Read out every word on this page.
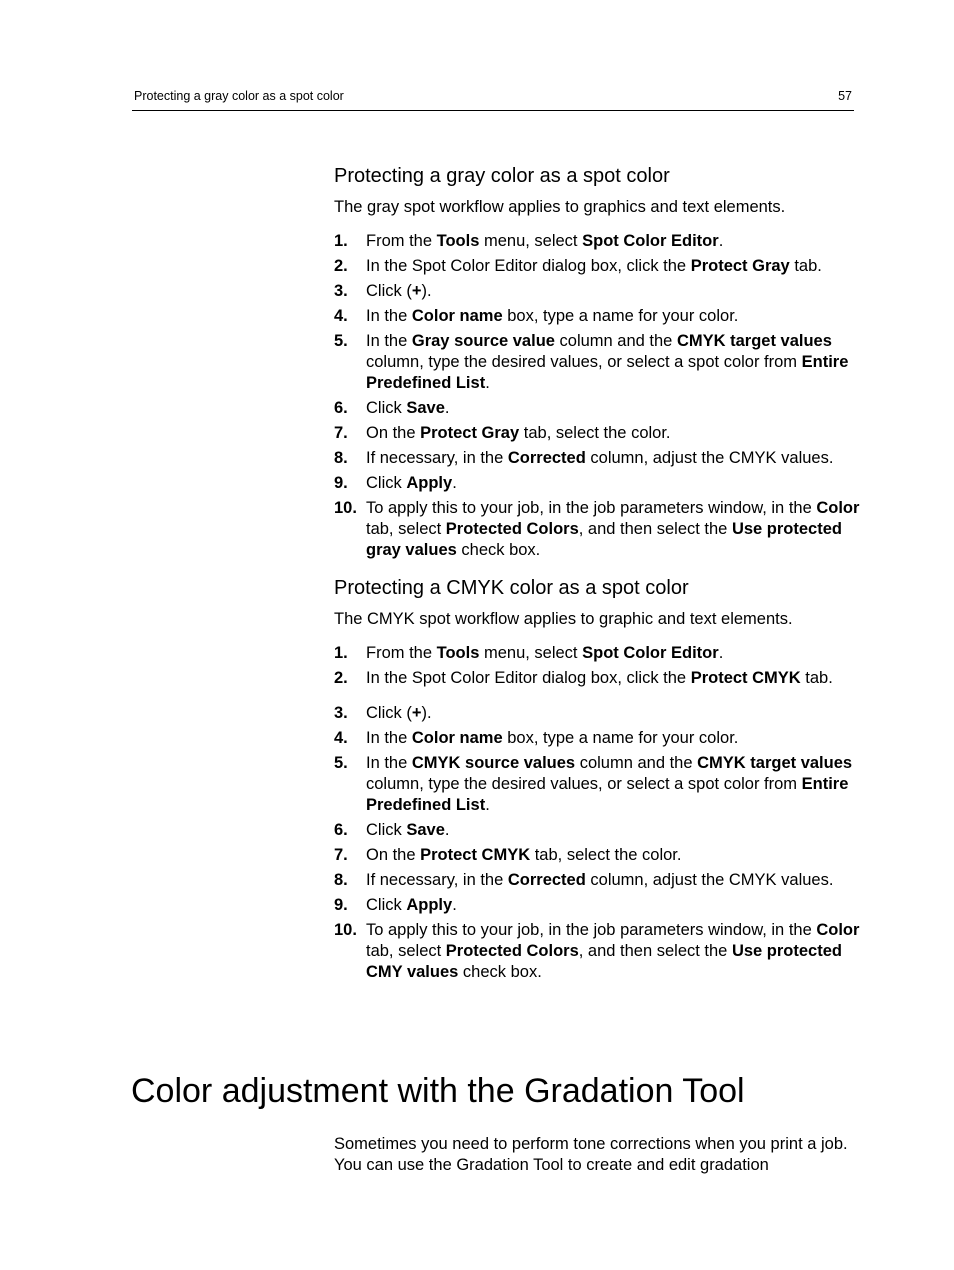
Protecting a gray color as a spot color	57
Protecting a gray color as a spot color

The gray spot workflow applies to graphics and text elements.

1. From the Tools menu, select Spot Color Editor.
2. In the Spot Color Editor dialog box, click the Protect Gray tab.
3. Click (+).
4. In the Color name box, type a name for your color.
5. In the Gray source value column and the CMYK target values column, type the desired values, or select a spot color from Entire Predefined List.
6. Click Save.
7. On the Protect Gray tab, select the color.
8. If necessary, in the Corrected column, adjust the CMYK values.
9. Click Apply.
10. To apply this to your job, in the job parameters window, in the Color tab, select Protected Colors, and then select the Use protected gray values check box.
Protecting a CMYK color as a spot color

The CMYK spot workflow applies to graphic and text elements.

1. From the Tools menu, select Spot Color Editor.
2. In the Spot Color Editor dialog box, click the Protect CMYK tab.
3. Click (+).
4. In the Color name box, type a name for your color.
5. In the CMYK source values column and the CMYK target values column, type the desired values, or select a spot color from Entire Predefined List.
6. Click Save.
7. On the Protect CMYK tab, select the color.
8. If necessary, in the Corrected column, adjust the CMYK values.
9. Click Apply.
10. To apply this to your job, in the job parameters window, in the Color tab, select Protected Colors, and then select the Use protected CMY values check box.
Color adjustment with the Gradation Tool

Sometimes you need to perform tone corrections when you print a job. You can use the Gradation Tool to create and edit gradation
